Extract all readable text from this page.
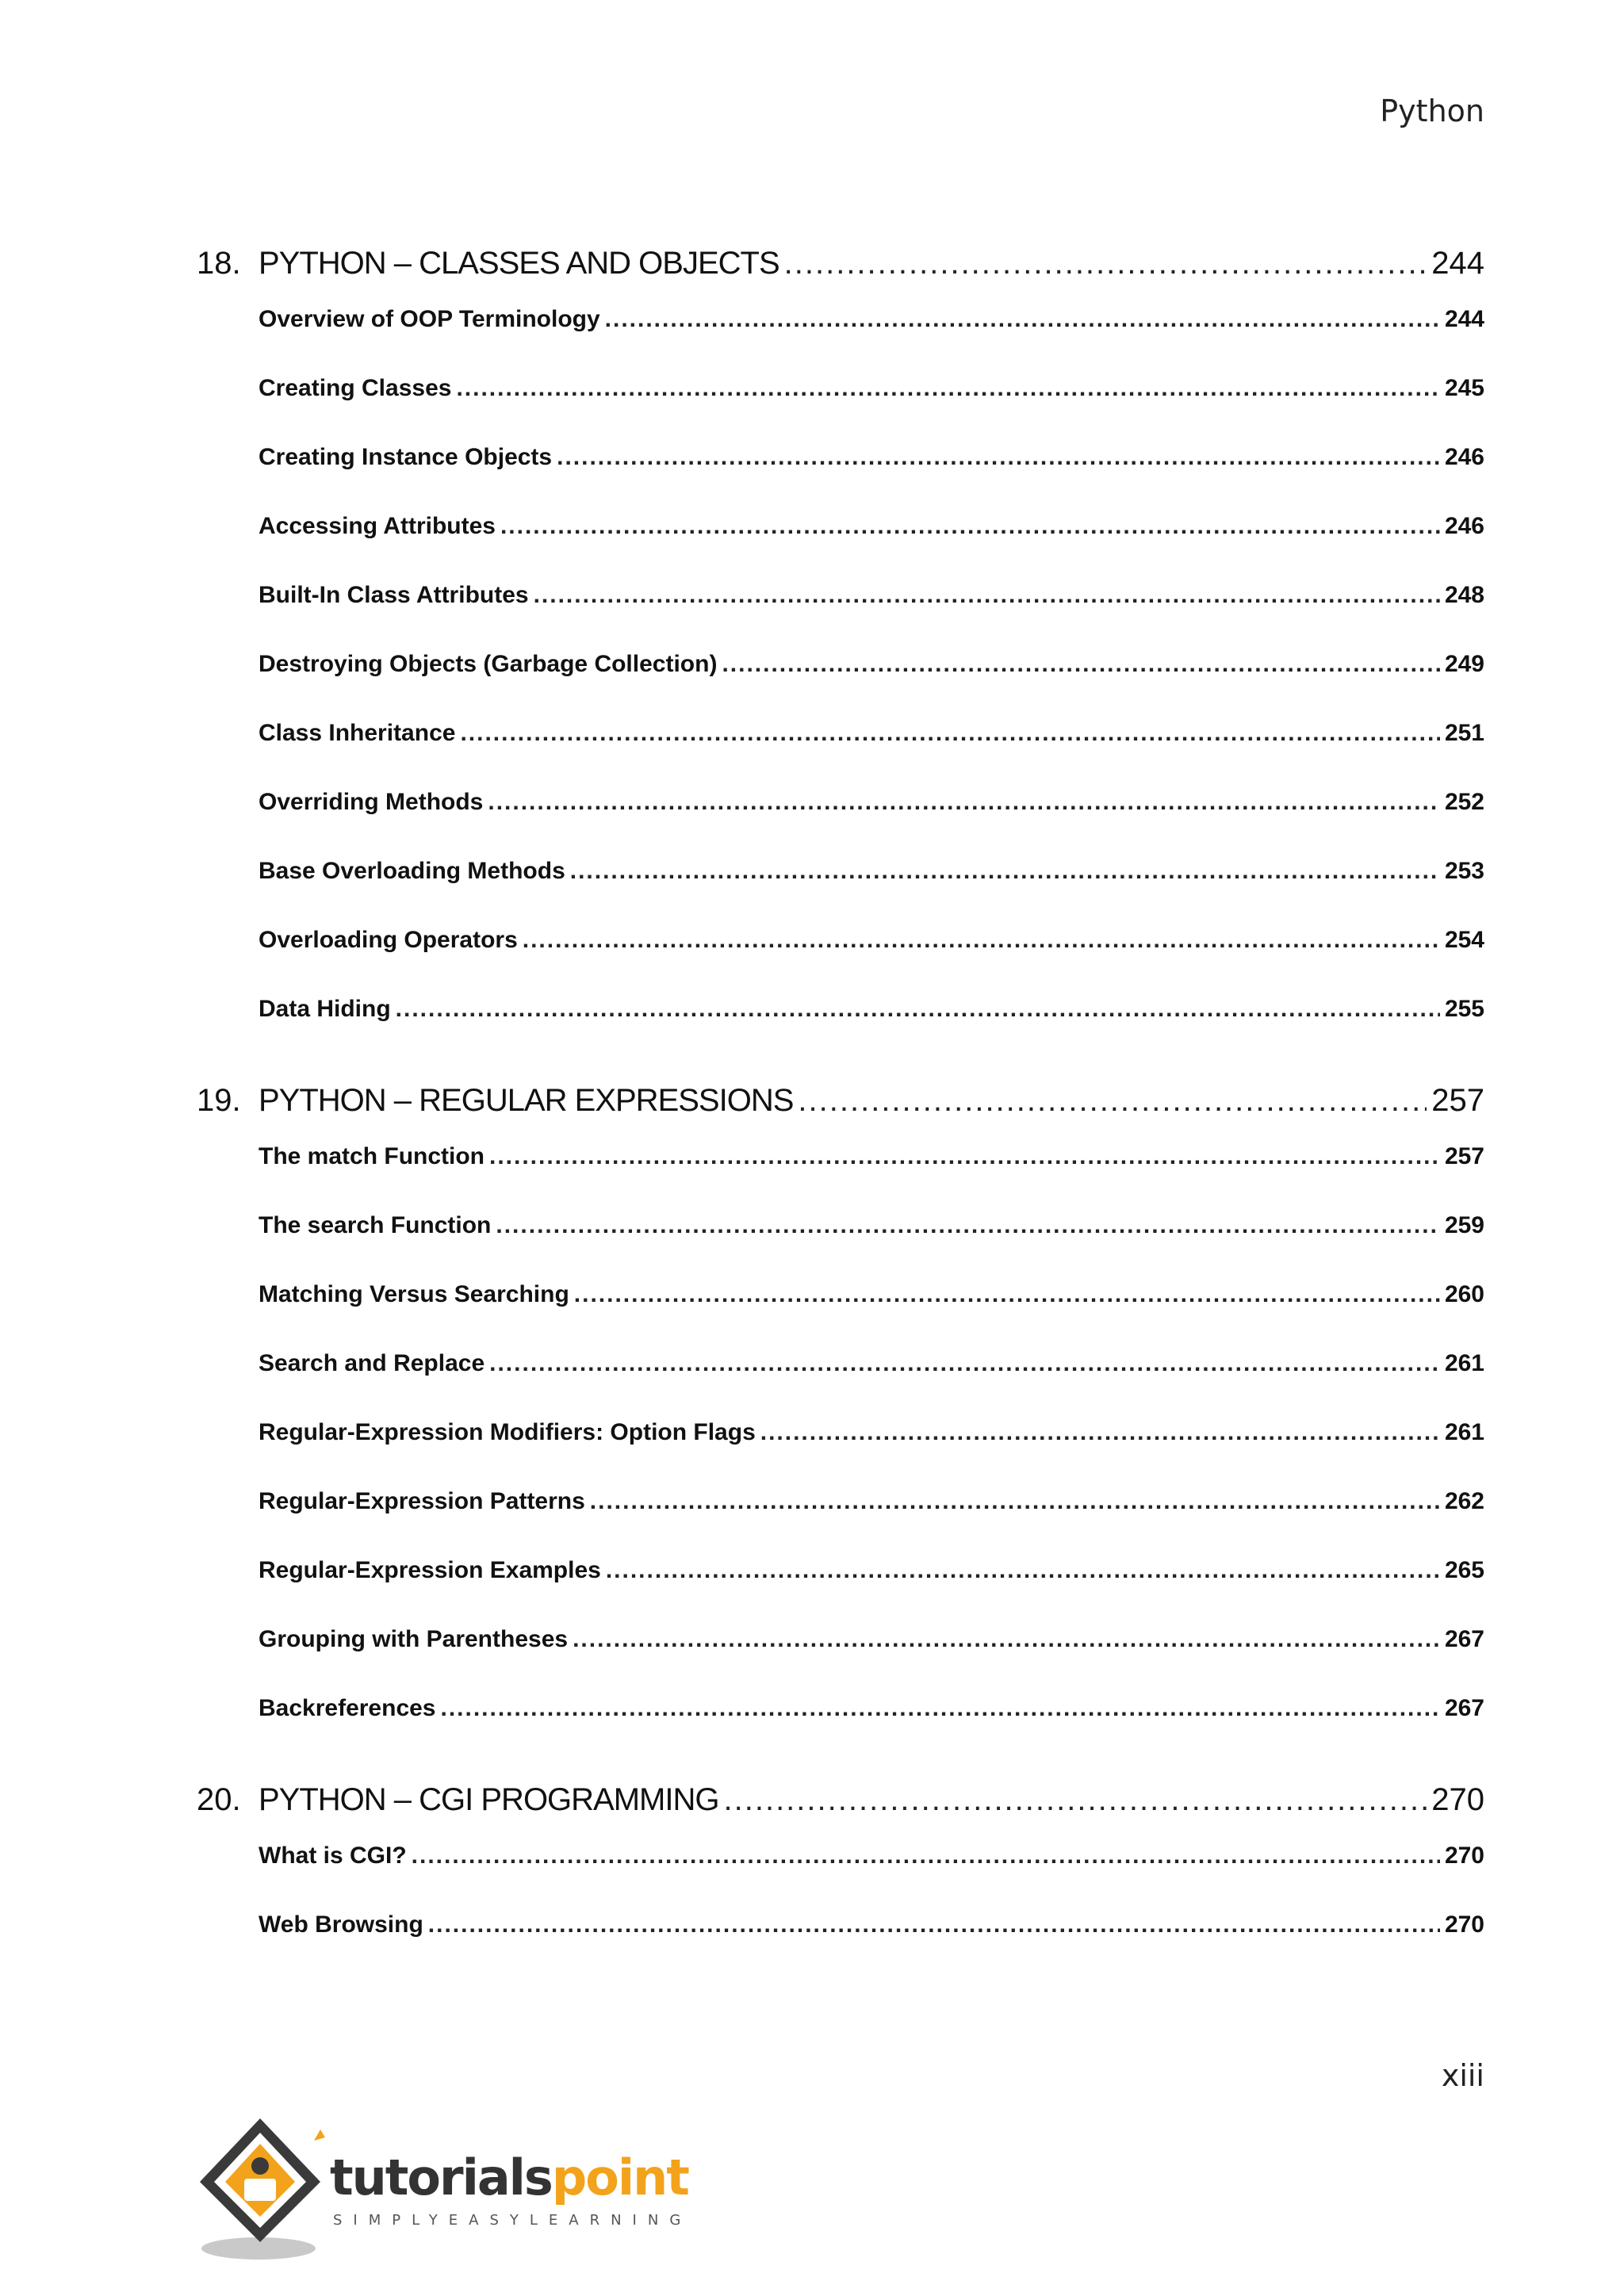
Python
18. PYTHON – CLASSES AND OBJECTS .....	244
Overview of OOP Terminology .....	244
Creating Classes .....	245
Creating Instance Objects .....	246
Accessing Attributes .....	246
Built-In Class Attributes .....	248
Destroying Objects (Garbage Collection) .....	249
Class Inheritance .....	251
Overriding Methods .....	252
Base Overloading Methods .....	253
Overloading Operators .....	254
Data Hiding .....	255
19. PYTHON – REGULAR EXPRESSIONS .....	257
The match Function .....	257
The search Function .....	259
Matching Versus Searching .....	260
Search and Replace .....	261
Regular-Expression Modifiers: Option Flags .....	261
Regular-Expression Patterns .....	262
Regular-Expression Examples .....	265
Grouping with Parentheses .....	267
Backreferences .....	267
20. PYTHON – CGI PROGRAMMING .....	270
What is CGI? .....	270
Web Browsing .....	270
xiii
tutorialspoint
SIMPLYEASYLEARNING
